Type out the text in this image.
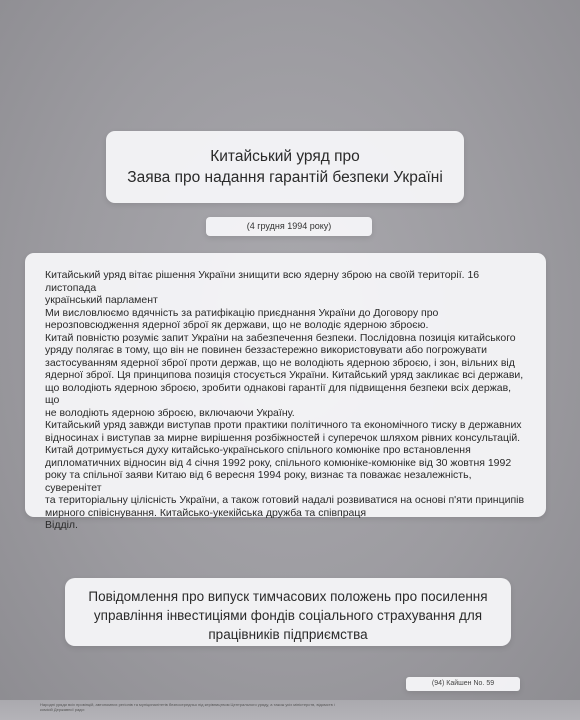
Китайський уряд про
Заява про надання гарантій безпеки Україні
(4 грудня 1994 року)

Китайський уряд вітає рішення України знищити всю ядерну зброю на своїй території. 16 листопада

український парламент

Ми висловлюємо вдячність за ратифікацію приєднання України до Договору про

нерозповсюдження ядерної зброї як держави, що не володіє ядерною зброєю.

Китай повністю розуміє запит України на забезпечення безпеки. Послідовна позиція китайського

уряду полягає в тому, що він не повинен беззастережно використовувати або погрожувати

застосуванням ядерної зброї проти держав, що не володіють ядерною зброєю, і зон, вільних від

ядерної зброї. Ця принципова позиція стосується України. Китайський уряд закликає всі держави,

що володіють ядерною зброєю, зробити однакові гарантії для підвищення безпеки всіх держав, що

не володіють ядерною зброєю, включаючи Україну.

Китайський уряд завжди виступав проти практики політичного та економічного тиску в державних

відносинах і виступав за мирне вирішення розбіжностей і суперечок шляхом рівних консультацій.

Китай дотримується духу китайсько-українського спільного комюніке про встановлення

дипломатичних відносин від 4 січня 1992 року, спільного комюніке-комюніке від 30 жовтня 1992

року та спільної заяви Китаю від 6 вересня 1994 року, визнає та поважає незалежність, суверенітет

та територіальну цілісність України, а також готовий надалі розвиватися на основі п'яти принципів

мирного співіснування. Китайсько-укекійська дружба та співпраця

Відділ.

Повідомлення про випуск тимчасових положень про посилення
управління інвестиціями фондів соціального страхування для
працівників підприємства
(94) Кайшен No. 59
Народні уряди всіх провінцій, автономних регіонів та муніципалітетів безпосередньо під керівництвом Центрального уряду, а також усіх міністерств, відомств і комісій Державної ради:
